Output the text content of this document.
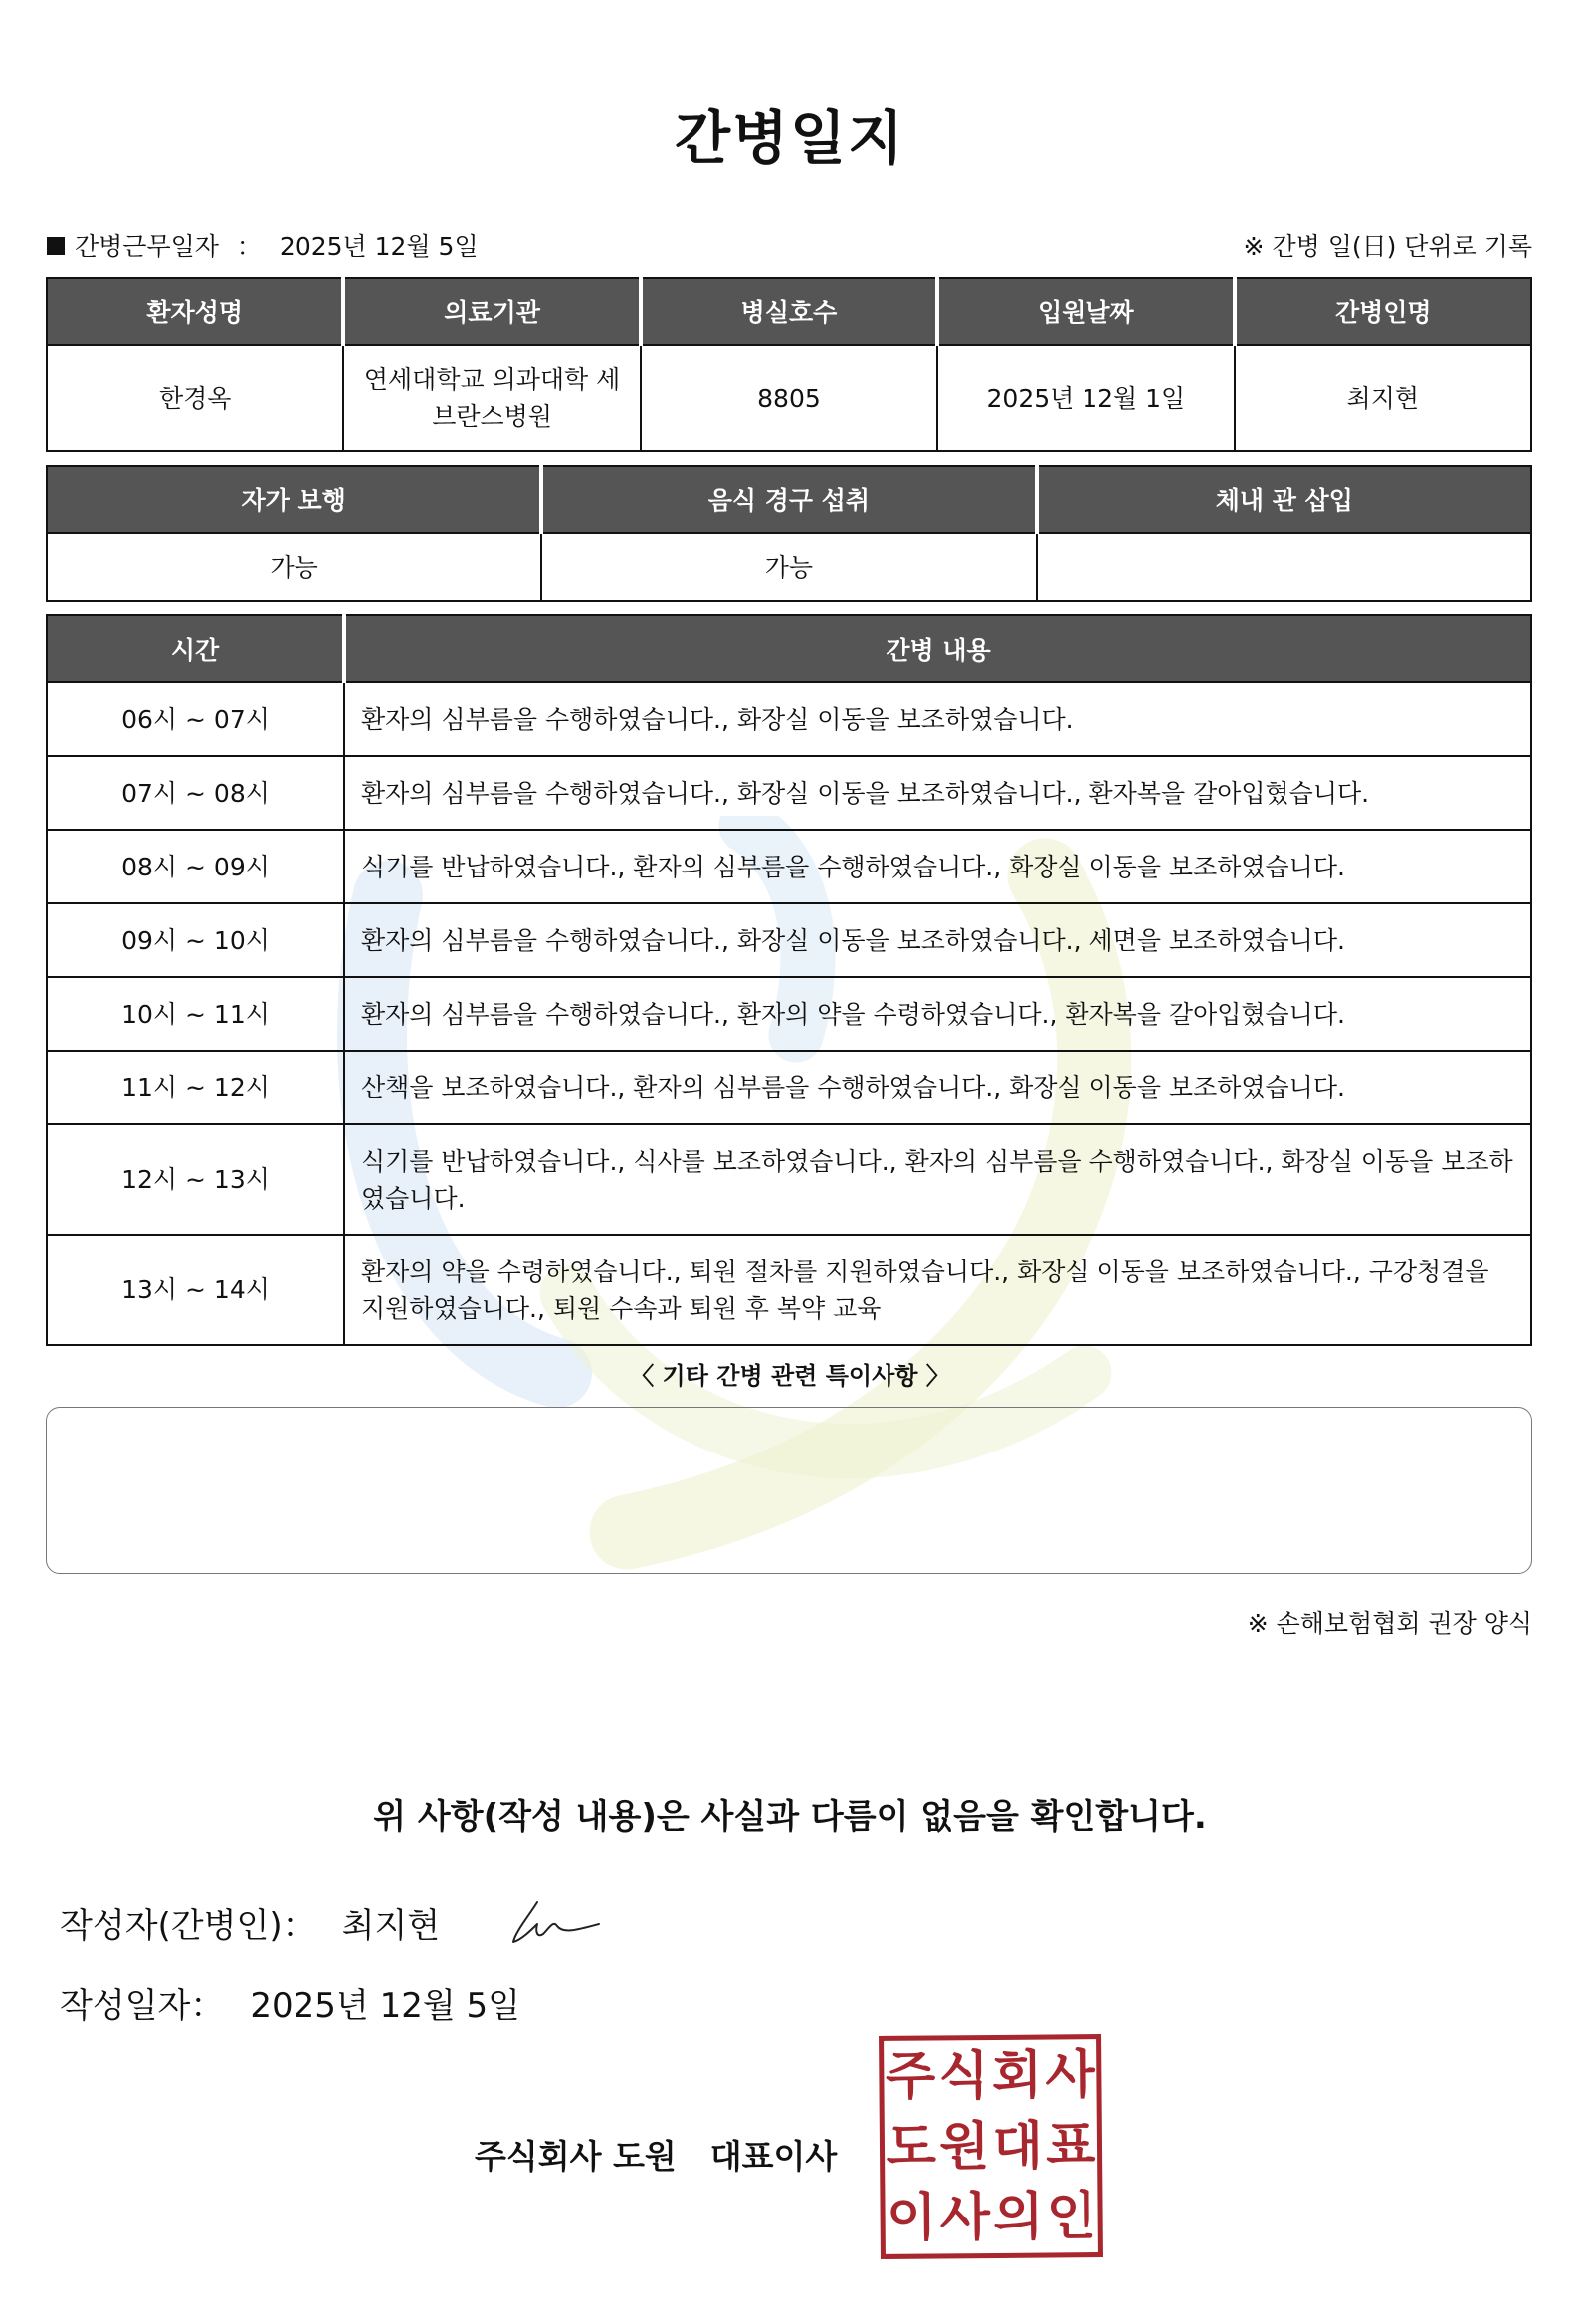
간병일지
간병근무일자 ： 2025년 12월 5일	※ 간병 일(日) 단위로 기록
환자성명	의료기관	병실호수	입원날짜	간병인명
한경옥	연세대학교 의과대학 세브란스병원	8805	2025년 12월 1일	최지현
자가 보행	음식 경구 섭취	체내 관 삽입
가능	가능	
시간	간병 내용
06시 ~ 07시	환자의 심부름을 수행하였습니다., 화장실 이동을 보조하였습니다.
07시 ~ 08시	환자의 심부름을 수행하였습니다., 화장실 이동을 보조하였습니다., 환자복을 갈아입혔습니다.
08시 ~ 09시	식기를 반납하였습니다., 환자의 심부름을 수행하였습니다., 화장실 이동을 보조하였습니다.
09시 ~ 10시	환자의 심부름을 수행하였습니다., 화장실 이동을 보조하였습니다., 세면을 보조하였습니다.
10시 ~ 11시	환자의 심부름을 수행하였습니다., 환자의 약을 수령하였습니다., 환자복을 갈아입혔습니다.
11시 ~ 12시	산책을 보조하였습니다., 환자의 심부름을 수행하였습니다., 화장실 이동을 보조하였습니다.
12시 ~ 13시	식기를 반납하였습니다., 식사를 보조하였습니다., 환자의 심부름을 수행하였습니다., 화장실 이동을 보조하였습니다.
13시 ~ 14시	환자의 약을 수령하였습니다., 퇴원 절차를 지원하였습니다., 화장실 이동을 보조하였습니다., 구강청결을 지원하였습니다., 퇴원 수속과 퇴원 후 복약 교육
〈 기타 간병 관련 특이사항 〉
※ 손해보험협회 권장 양식
위 사항(작성 내용)은 사실과 다름이 없음을 확인합니다.
작성자(간병인)： 최지현
작성일자： 2025년 12월 5일
주식회사 도원 대표이사
주 식 회 사
도 원 대 표
이 사 의 인
